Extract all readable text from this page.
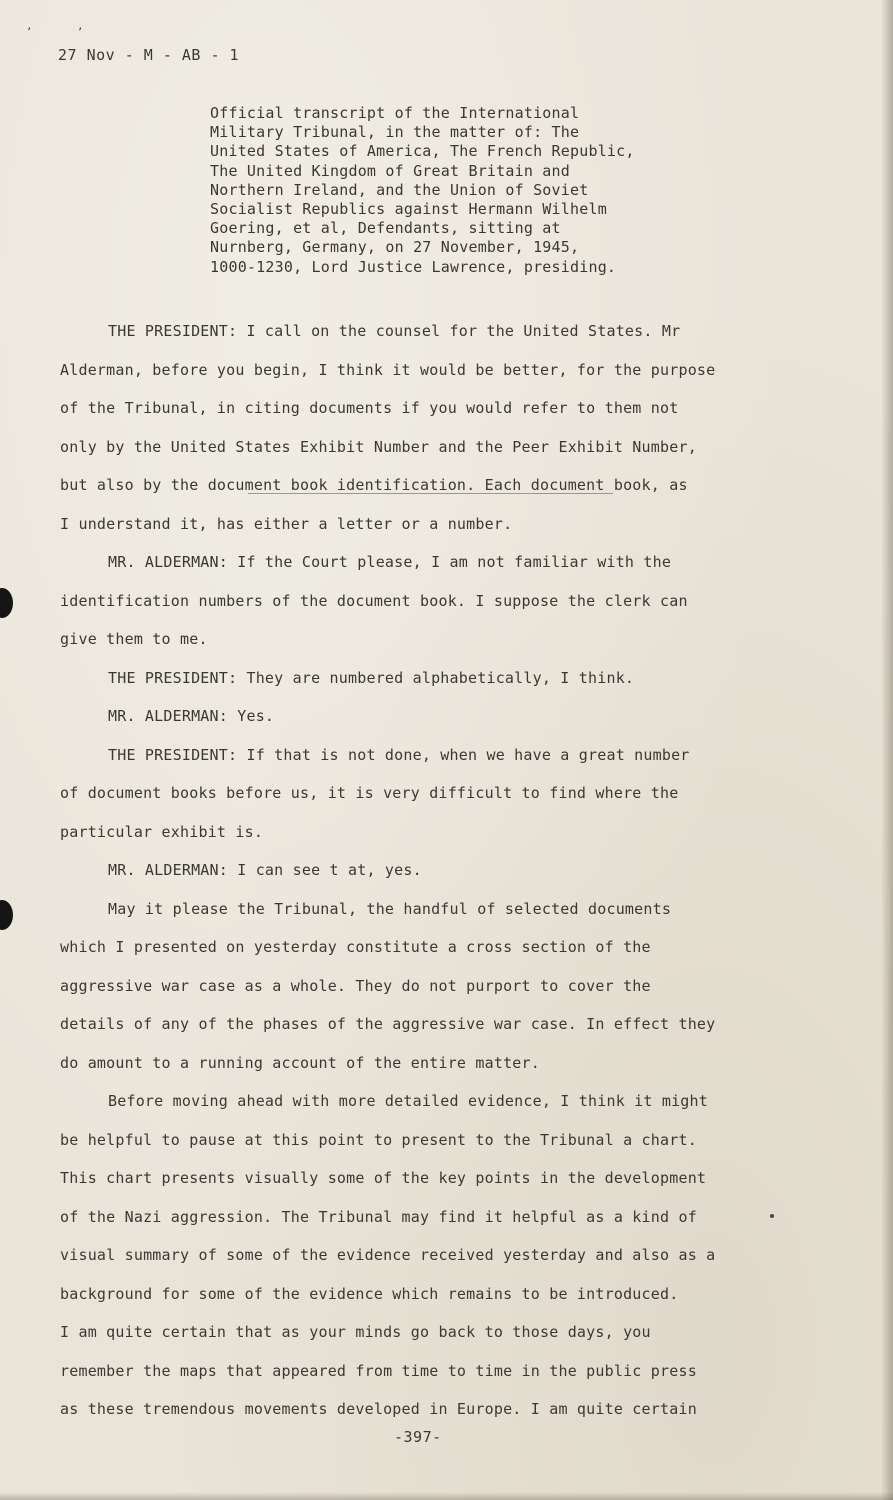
’	’
27 Nov - M - AB - 1
Official transcript of the International
Military Tribunal, in the matter of: The
United States of America, The French Republic,
The United Kingdom of Great Britain and
Northern Ireland, and the Union of Soviet
Socialist Republics against Hermann Wilhelm
Goering, et al, Defendants, sitting at
Nurnberg, Germany, on 27 November, 1945,
1000-1230, Lord Justice Lawrence, presiding.
THE PRESIDENT: I call on the counsel for the United States. Mr
Alderman, before you begin, I think it would be better, for the purpose
of the Tribunal, in citing documents if you would refer to them not
only by the United States Exhibit Number and the Peer Exhibit Number,
but also by the document book identification. Each document book, as
I understand it, has either a letter or a number.
MR. ALDERMAN: If the Court please, I am not familiar with the
identification numbers of the document book. I suppose the clerk can
give them to me.
THE PRESIDENT: They are numbered alphabetically, I think.
MR. ALDERMAN: Yes.
THE PRESIDENT: If that is not done, when we have a great number
of document books before us, it is very difficult to find where the
particular exhibit is.
MR. ALDERMAN: I can see t at, yes.
May it please the Tribunal, the handful of selected documents
which I presented on yesterday constitute a cross section of the
aggressive war case as a whole. They do not purport to cover the
details of any of the phases of the aggressive war case. In effect they
do amount to a running account of the entire matter.
Before moving ahead with more detailed evidence, I think it might
be helpful to pause at this point to present to the Tribunal a chart.
This chart presents visually some of the key points in the development
of the Nazi aggression. The Tribunal may find it helpful as a kind of
visual summary of some of the evidence received yesterday and also as a
background for some of the evidence which remains to be introduced.
I am quite certain that as your minds go back to those days, you
remember the maps that appeared from time to time in the public press
as these tremendous movements developed in Europe. I am quite certain
-397-
